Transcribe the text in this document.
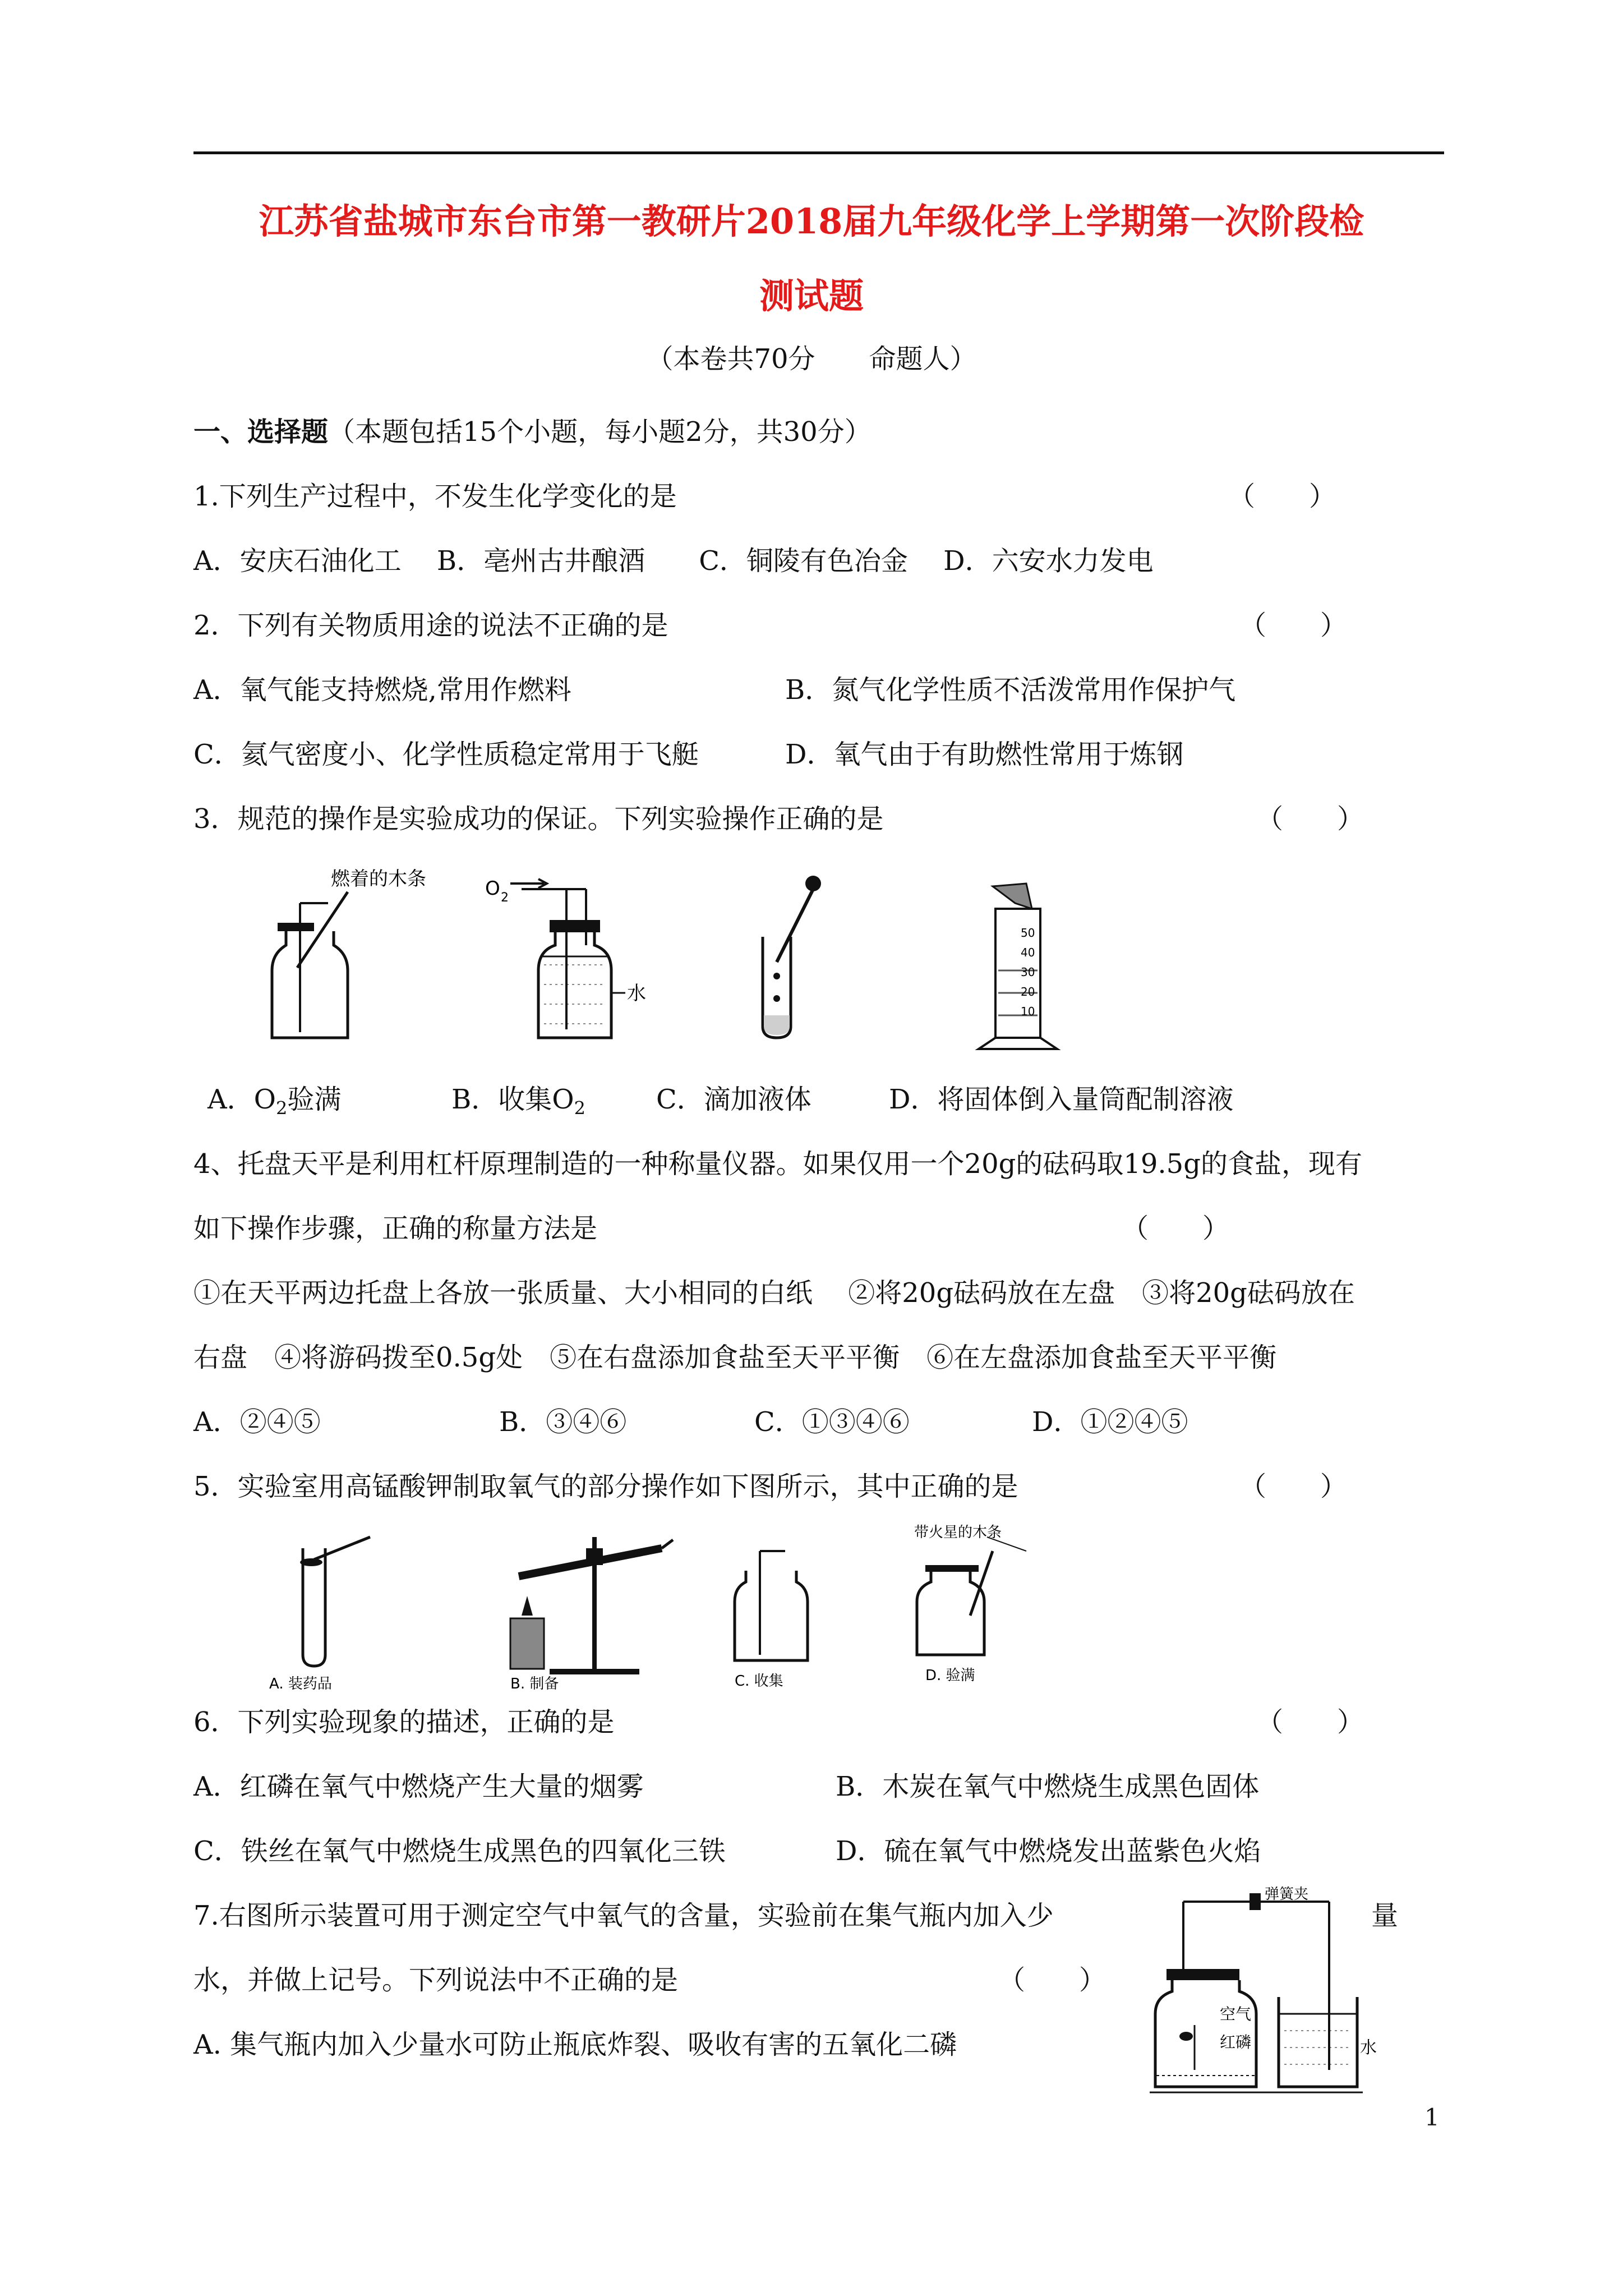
江苏省盐城市东台市第一教研片2018届九年级化学上学期第一次阶段检
测试题
（本卷共70分　　命题人）
一、选择题（本题包括15个小题，每小题2分，共30分）
1.下列生产过程中，不发生化学变化的是	（　　）
A．安庆石油化工　 B．亳州古井酿酒　　C．铜陵有色冶金　 D．六安水力发电
2．下列有关物质用途的说法不正确的是	（　　）
A．氧气能支持燃烧,常用作燃料	B．氮气化学性质不活泼常用作保护气
C．氦气密度小、化学性质稳定常用于飞艇	D．氧气由于有助燃性常用于炼钢
3．规范的操作是实验成功的保证。下列实验操作正确的是	（　　）
燃着的木条	O 2
水
50
40
30
20
10
A．$O_2$验满	B．收集$O_2$	C．滴加液体	D．将固体倒入量筒配制溶液
4、托盘天平是利用杠杆原理制造的一种称量仪器。如果仅用一个20g的砝码取19.5g的食盐，现有
如下操作步骤，正确的称量方法是	（　　）
①在天平两边托盘上各放一张质量、大小相同的白纸　 ②将20g砝码放在左盘　③将20g砝码放在
右盘　④将游码拨至0.5g处　⑤在右盘添加食盐至天平平衡　⑥在左盘添加食盐至天平平衡
A．②④⑤	B．③④⑥	C．①③④⑥	D．①②④⑤
5．实验室用高锰酸钾制取氧气的部分操作如下图所示，其中正确的是	（　　）
A. 装药品	B. 制备	C. 收集
带火星的木条
D. 验满
6．下列实验现象的描述，正确的是	（　　）
A．红磷在氧气中燃烧产生大量的烟雾	B．木炭在氧气中燃烧生成黑色固体
C．铁丝在氧气中燃烧生成黑色的四氧化三铁	D．硫在氧气中燃烧发出蓝紫色火焰
7.右图所示装置可用于测定空气中氧气的含量，实验前在集气瓶内加入少	量
水，并做上记号。下列说法中不正确的是	（　　）
A. 集气瓶内加入少量水可防止瓶底炸裂、吸收有害的五氧化二磷
弹簧夹
空气
红磷	水
1
